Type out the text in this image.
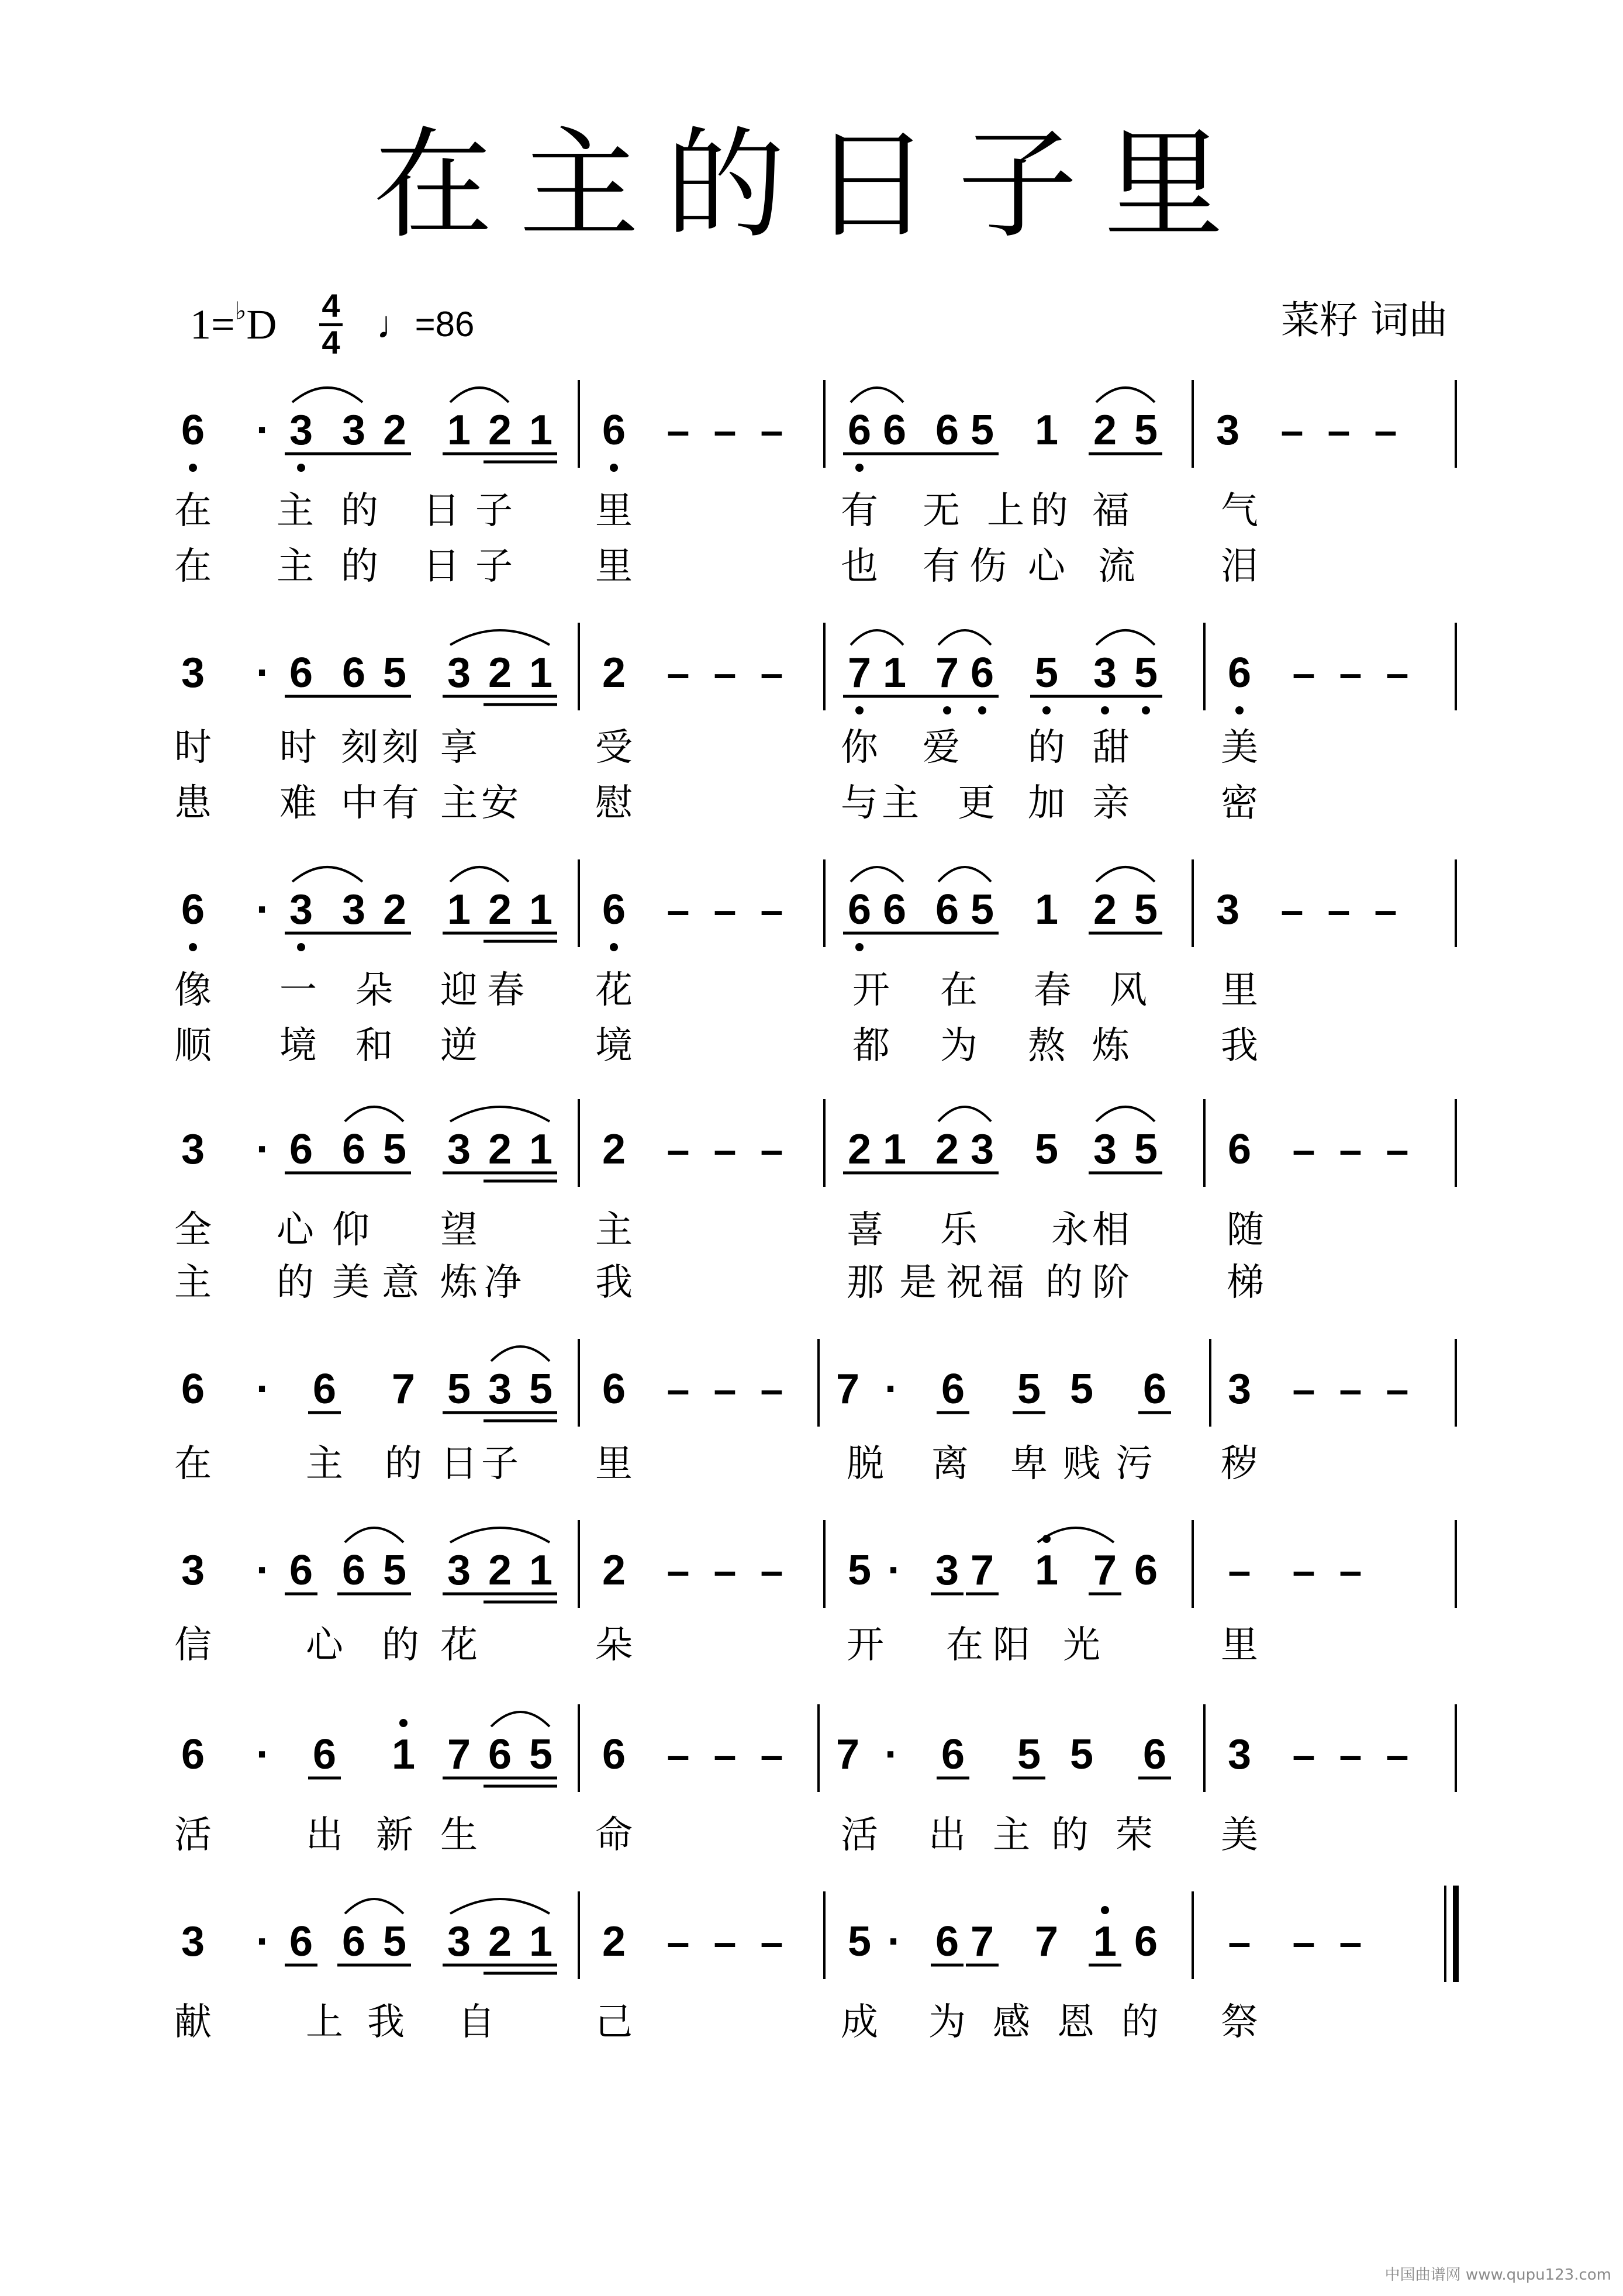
在主的日子里
$1=^♭D \frac{4}{4}$ ♩=86	菜籽 词曲
6 · 3 3 2 1 2 1 6 – – – 6 6 6 5 1 2 5 3 – – –
在 主 的 日 子 里	有 无 上 的 福 气
在 主 的 日 子 里	也 有 伤 心 流 泪
3 · 6 6 5 3 2 1 2 – – – 7 1 7 6 5 3 5 6 – – –
时 时 刻 刻 享	受	你 爱 的 甜 美
患 难 中 有 主 安 慰	与 主 更 加 亲 密
6 · 3 3 2 1 2 1 6 – – – 6 6 6 5 1 2 5 3 – – –
像 一 朵 迎 春 花	开 在 春 风 里
顺 境 和 逆	境	都 为 熬 炼 我
3 · 6 6 5 3 2 1 2 – – – 2 1 2 3 5 3 5 6 – – –
全 心 仰 望	主	喜 乐 永 相	随
主 的 美 意 炼 净 我	那 是 祝 福 的 阶	梯
6 · 6 7 5 3 5 6 – – – 7 · 6 5 5 6 3 – – –
在	主 的 日 子 里	脱 离 卑 贱 污 秽
3 · 6 6 5 3 2 1 2 – – – 5 · 3 7 1 7 6 – – –
信	心 的 花	朵	开 在 阳 光	里
6 · 6 1 7 6 5 6 – – – 7 · 6 5 5 6 3 – – –
活	出 新 生	命	活 出 主 的 荣 美
3 · 6 6 5 3 2 1 2 – – – 5 · 6 7 7 1 6 – – –
献	上 我 自	己	成 为 感 恩 的 祭
中国曲谱网 www.qupu123.com
